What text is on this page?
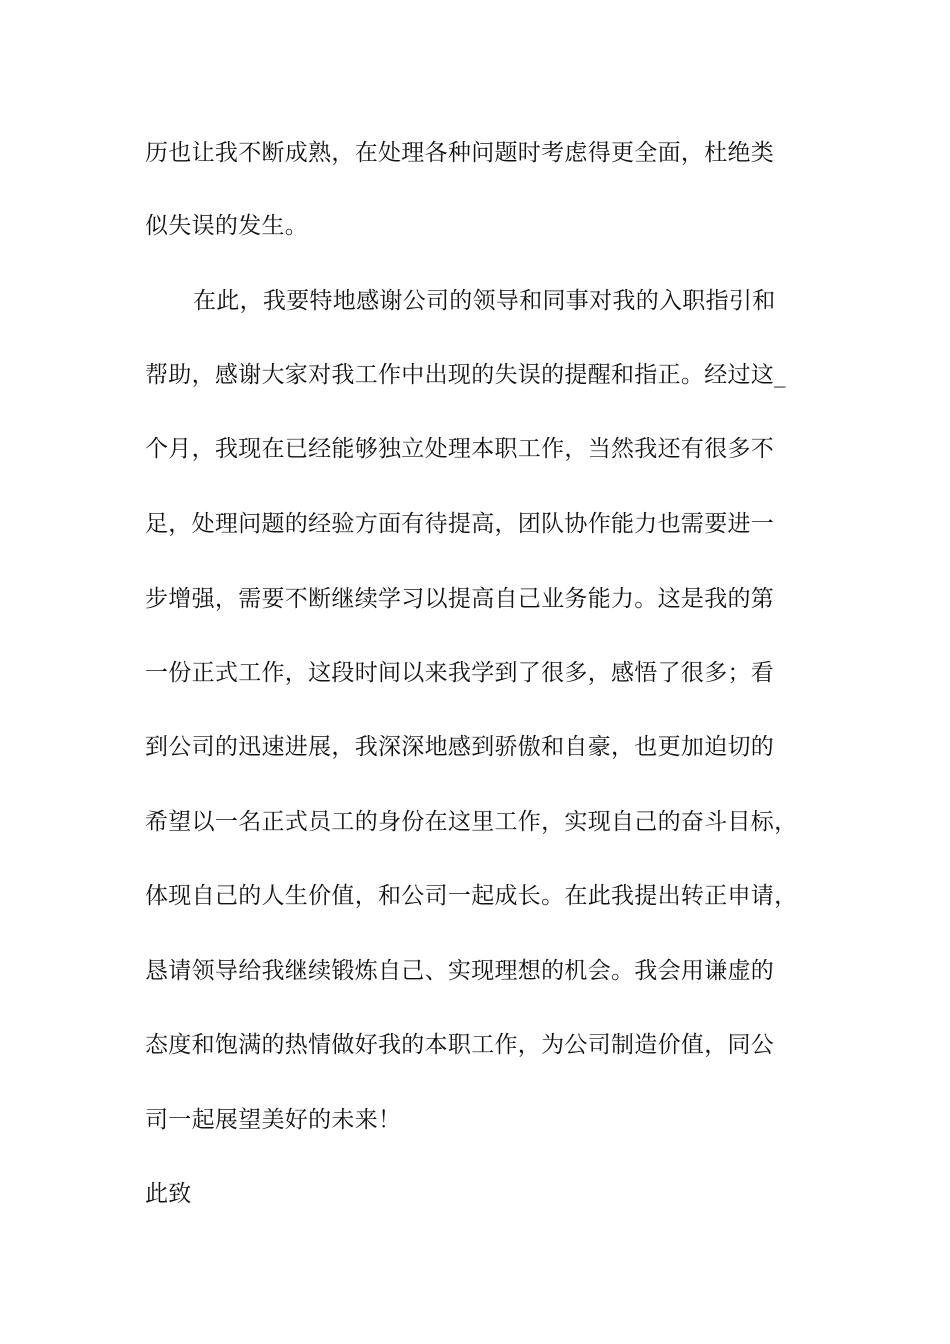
历也让我不断成熟，在处理各种问题时考虑得更全面，杜绝类
似失误的发生。
在此，我要特地感谢公司的领导和同事对我的入职指引和
帮助，感谢大家对我工作中出现的失误的提醒和指正。经过这_
个月，我现在已经能够独立处理本职工作，当然我还有很多不
足，处理问题的经验方面有待提高，团队协作能力也需要进一
步增强，需要不断继续学习以提高自己业务能力。这是我的第
一份正式工作，这段时间以来我学到了很多，感悟了很多；看
到公司的迅速进展，我深深地感到骄傲和自豪，也更加迫切的
希望以一名正式员工的身份在这里工作，实现自己的奋斗目标，
体现自己的人生价值，和公司一起成长。在此我提出转正申请，
恳请领导给我继续锻炼自己、实现理想的机会。我会用谦虚的
态度和饱满的热情做好我的本职工作，为公司制造价值，同公
司一起展望美好的未来！
此致
